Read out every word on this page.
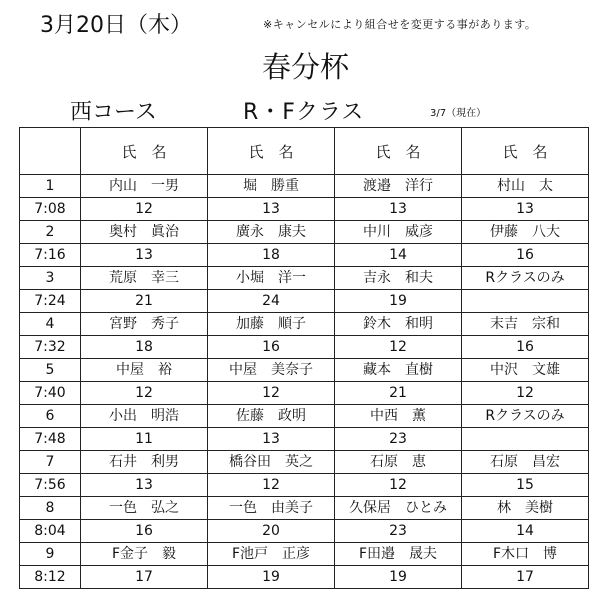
3月20日（木）	※キャンセルにより組合せを変更する事があります。
春分杯
西コース	R・Fクラス	3/7（現在）
	氏　名	氏　名	氏　名	氏　名
1	内山　一男	堀　勝重	渡邉　洋行	村山　太
7:08	12	13	13	13
2	奥村　眞治	廣永　康夫	中川　威彦	伊藤　八大
7:16	13	18	14	16
3	荒原　幸三	小堀　洋一	吉永　和夫	Rクラスのみ
7:24	21	24	19	
4	宮野　秀子	加藤　順子	鈴木　和明	末吉　宗和
7:32	18	16	12	16
5	中屋　裕	中屋　美奈子	藏本　直樹	中沢　文雄
7:40	12	12	21	12
6	小出　明浩	佐藤　政明	中西　薫	Rクラスのみ
7:48	11	13	23	
7	石井　利男	橋谷田　英之	石原　恵	石原　昌宏
7:56	13	12	12	15
8	一色　弘之	一色　由美子	久保居　ひとみ	林　美樹
8:04	16	20	23	14
9	F金子　毅	F池戸　正彦	F田邉　晟夫	F木口　博
8:12	17	19	19	17
